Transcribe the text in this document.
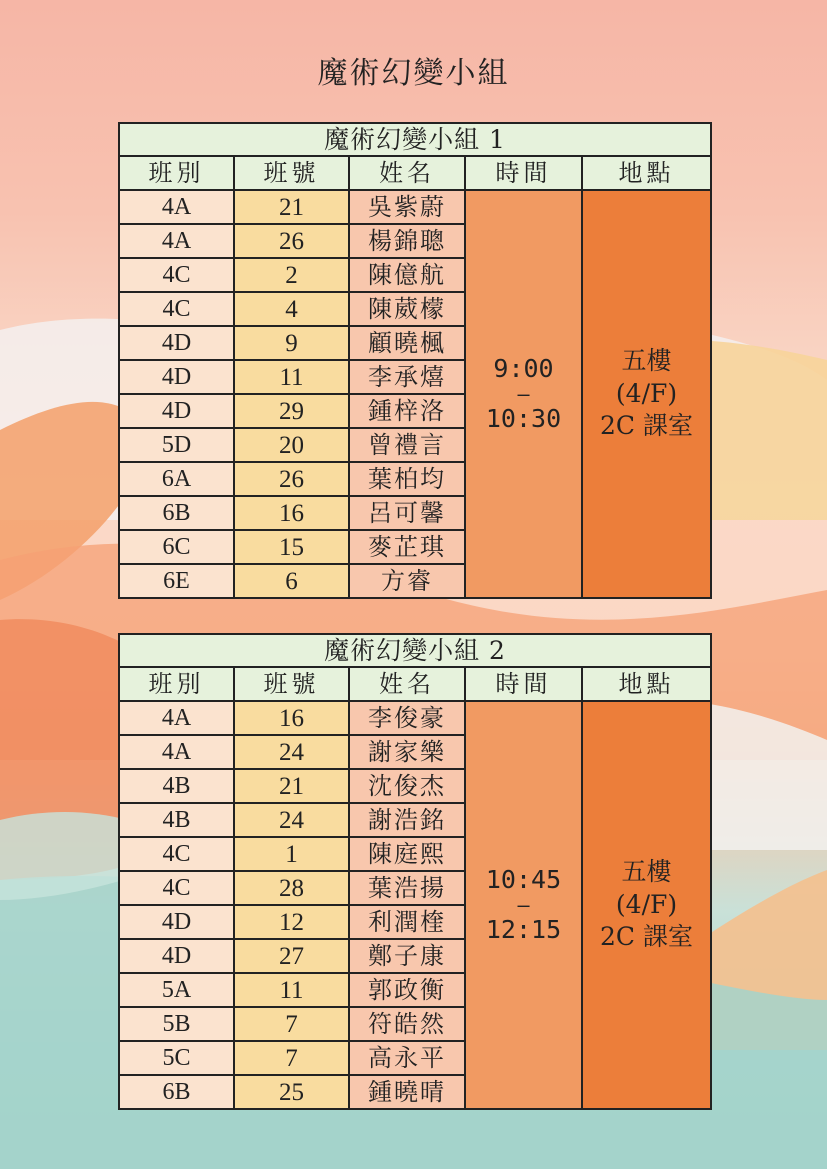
魔術幻變小組
魔術幻變小組 1				
班別	班號	姓名	時間	地點
4A	21	吳紫蔚	9:00
–
10:30	五樓
(4/F)
2C 課室

4A	26	楊錦聰		
4C	2	陳億航		
4C	4	陳葳檬		
4D	9	顧曉楓		
4D	11	李承熺		
4D	29	鍾梓洛		
5D	20	曾禮言		
6A	26	葉柏均		
6B	16	呂可馨		
6C	15	麥芷琪		
6E	6	方睿		
魔術幻變小組 2				
班別	班號	姓名	時間	地點
4A	16	李俊豪	10:45
–
12:15	五樓
(4/F)
2C 課室

4A	24	謝家樂		
4B	21	沈俊杰		
4B	24	謝浩銘		
4C	1	陳庭熙		
4C	28	葉浩揚		
4D	12	利潤楏		
4D	27	鄭子康		
5A	11	郭政衡		
5B	7	符皓然		
5C	7	高永平		
6B	25	鍾曉晴		
